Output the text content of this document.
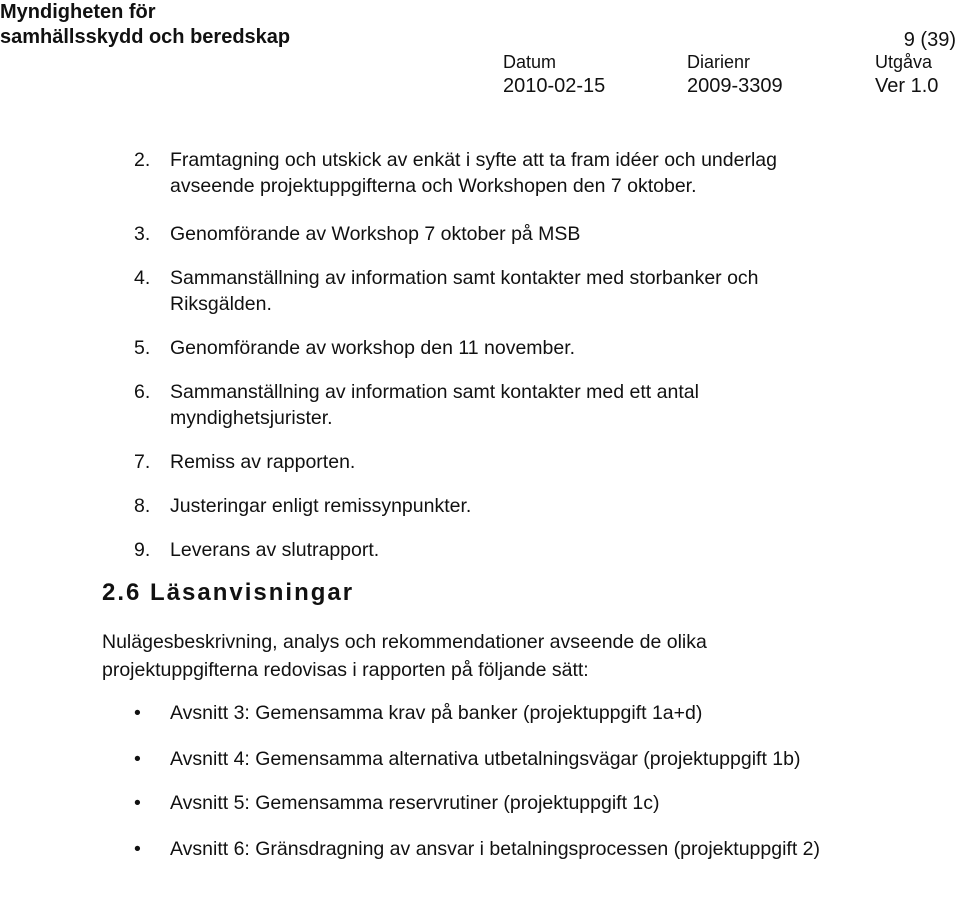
Myndigheten för
samhällsskydd och beredskap	9 (39)
Datum
2010-02-15
Diarienr
2009-3309
Utgåva
Ver 1.0
2. Framtagning och utskick av enkät i syfte att ta fram idéer och underlag avseende projektuppgifterna och Workshopen den 7 oktober.
3. Genomförande av Workshop 7 oktober på MSB
4. Sammanställning av information samt kontakter med storbanker och Riksgälden.
5. Genomförande av workshop den 11 november.
6. Sammanställning av information samt kontakter med ett antal myndighetsjurister.
7. Remiss av rapporten.
8. Justeringar enligt remissynpunkter.
9. Leverans av slutrapport.
2.6 Läsanvisningar
Nulägesbeskrivning, analys och rekommendationer avseende de olika projektuppgifterna redovisas i rapporten på följande sätt:
• Avsnitt 3: Gemensamma krav på banker (projektuppgift 1a+d)
• Avsnitt 4: Gemensamma alternativa utbetalningsvägar (projektuppgift 1b)
• Avsnitt 5: Gemensamma reservrutiner (projektuppgift 1c)
• Avsnitt 6: Gränsdragning av ansvar i betalningsprocessen (projektuppgift 2)
